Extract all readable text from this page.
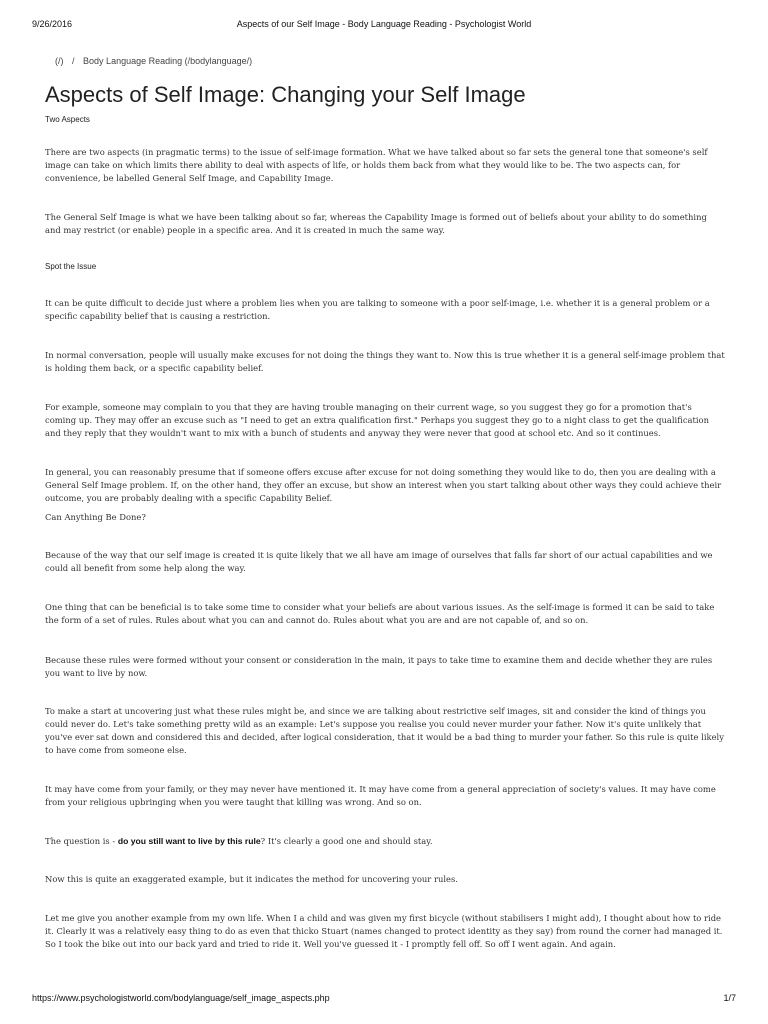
9/26/2016	Aspects of our Self Image - Body Language Reading - Psychologist World
(/) / Body Language Reading (/bodylanguage/)
Aspects of Self Image: Changing your Self Image
Two Aspects

There are two aspects (in pragmatic terms) to the issue of self-image formation. What we have talked about so far sets the general tone that someone's self image can take on which limits there ability to deal with aspects of life, or holds them back from what they would like to be. The two aspects can, for convenience, be labelled General Self Image, and Capability Image.

The General Self Image is what we have been talking about so far, whereas the Capability Image is formed out of beliefs about your ability to do something and may restrict (or enable) people in a specific area. And it is created in much the same way.

Spot the Issue

It can be quite difficult to decide just where a problem lies when you are talking to someone with a poor self-image, i.e. whether it is a general problem or a specific capability belief that is causing a restriction.

In normal conversation, people will usually make excuses for not doing the things they want to. Now this is true whether it is a general self-image problem that is holding them back, or a specific capability belief.

For example, someone may complain to you that they are having trouble managing on their current wage, so you suggest they go for a promotion that's coming up. They may offer an excuse such as "I need to get an extra qualification first." Perhaps you suggest they go to a night class to get the qualification and they reply that they wouldn't want to mix with a bunch of students and anyway they were never that good at school etc. And so it continues.

In general, you can reasonably presume that if someone offers excuse after excuse for not doing something they would like to do, then you are dealing with a General Self Image problem. If, on the other hand, they offer an excuse, but show an interest when you start talking about other ways they could achieve their outcome, you are probably dealing with a specific Capability Belief.

Can Anything Be Done?

Because of the way that our self image is created it is quite likely that we all have am image of ourselves that falls far short of our actual capabilities and we could all benefit from some help along the way.

One thing that can be beneficial is to take some time to consider what your beliefs are about various issues. As the self-image is formed it can be said to take the form of a set of rules. Rules about what you can and cannot do. Rules about what you are and are not capable of, and so on.

Because these rules were formed without your consent or consideration in the main, it pays to take time to examine them and decide whether they are rules you want to live by now.

To make a start at uncovering just what these rules might be, and since we are talking about restrictive self images, sit and consider the kind of things you could never do. Let's take something pretty wild as an example: Let's suppose you realise you could never murder your father. Now it's quite unlikely that you've ever sat down and considered this and decided, after logical consideration, that it would be a bad thing to murder your father. So this rule is quite likely to have come from someone else.

It may have come from your family, or they may never have mentioned it. It may have come from a general appreciation of society's values. It may have come from your religious upbringing when you were taught that killing was wrong. And so on.

The question is - do you still want to live by this rule? It's clearly a good one and should stay.

Now this is quite an exaggerated example, but it indicates the method for uncovering your rules.

Let me give you another example from my own life. When I a child and was given my first bicycle (without stabilisers I might add), I thought about how to ride it. Clearly it was a relatively easy thing to do as even that thicko Stuart (names changed to protect identity as they say) from round the corner had managed it. So I took the bike out into our back yard and tried to ride it. Well you've guessed it - I promptly fell off. So off I went again. And again.

https://www.psychologistworld.com/bodylanguage/self_image_aspects.php	1/7
